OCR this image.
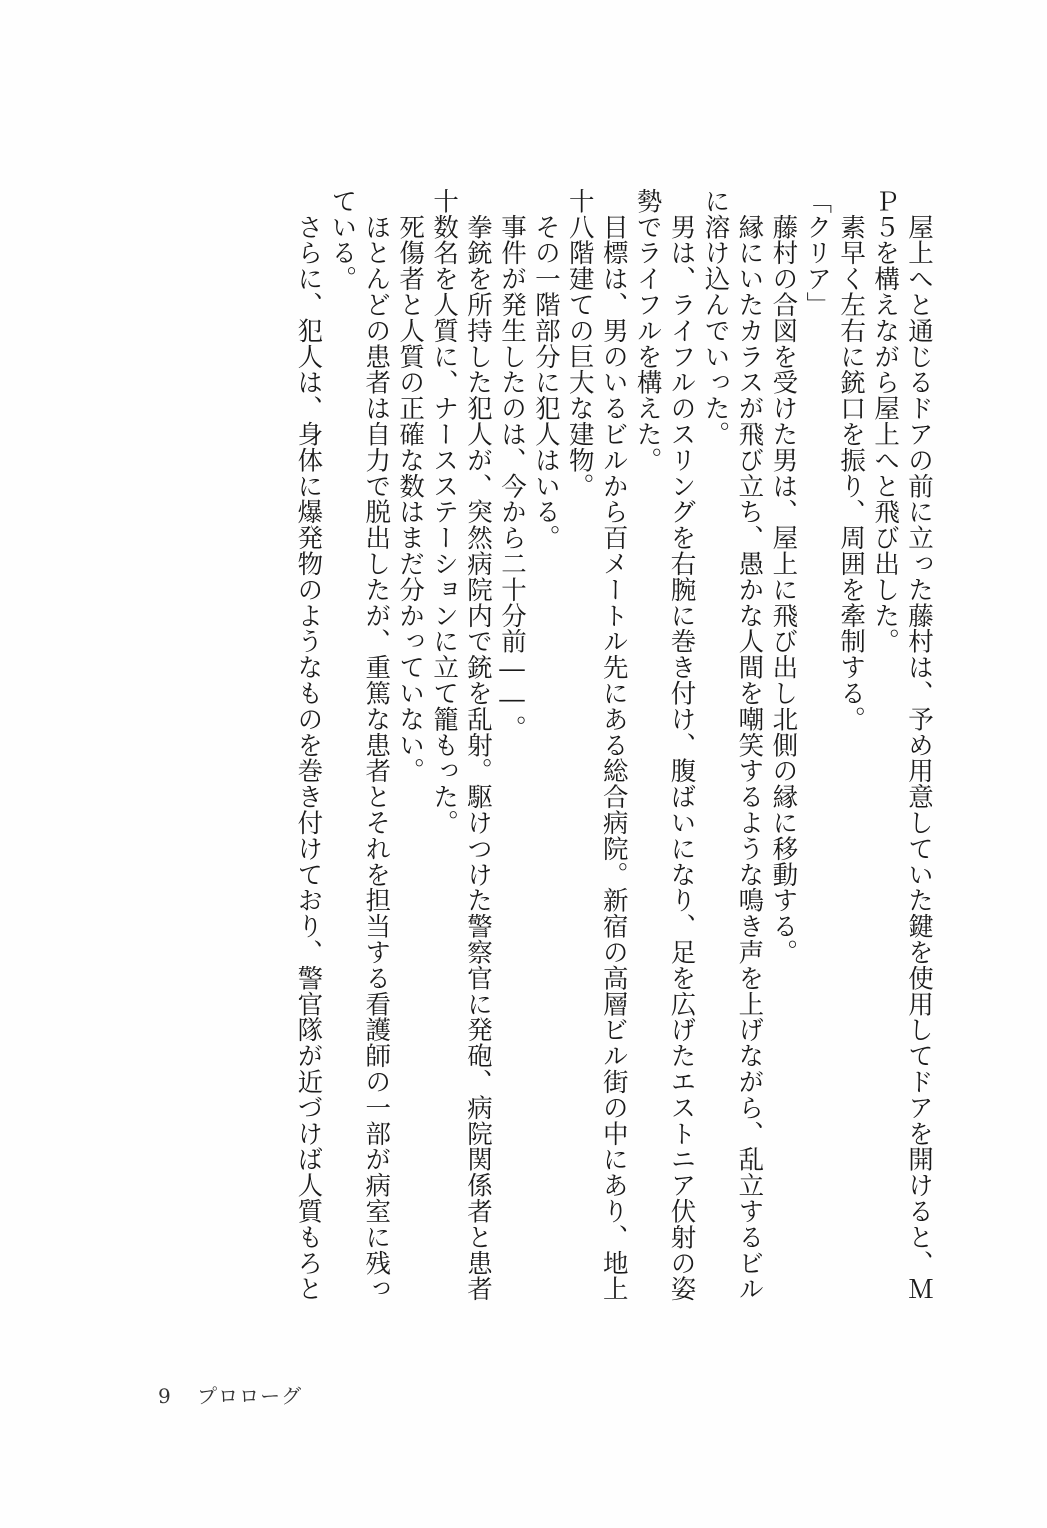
　屋上へと通じるドアの前に立った藤村は、予め用意していた鍵を使用してドアを開けると、Ｍ

Ｐ５を構えながら屋上へと飛び出した。

　素早く左右に銃口を振り、周囲を牽制する。

「クリア」

　藤村の合図を受けた男は、屋上に飛び出し北側の縁に移動する。

　縁にいたカラスが飛び立ち、愚かな人間を嘲笑するような鳴き声を上げながら、乱立するビル

に溶け込んでいった。

　男は、ライフルのスリングを右腕に巻き付け、腹ばいになり、足を広げたエストニア伏射の姿

勢でライフルを構えた。

　目標は、男のいるビルから百メートル先にある総合病院。新宿の高層ビル街の中にあり、地上

十八階建ての巨大な建物。

　その一階部分に犯人はいる。

　事件が発生したのは、今から二十分前――。

　拳銃を所持した犯人が、突然病院内で銃を乱射。駆けつけた警察官に発砲、病院関係者と患者

十数名を人質に、ナースステーションに立て籠もった。

　死傷者と人質の正確な数はまだ分かっていない。

　ほとんどの患者は自力で脱出したが、重篤な患者とそれを担当する看護師の一部が病室に残っ

ている。

　さらに、犯人は、身体に爆発物のようなものを巻き付けており、警官隊が近づけば人質もろと

9 プロローグ
